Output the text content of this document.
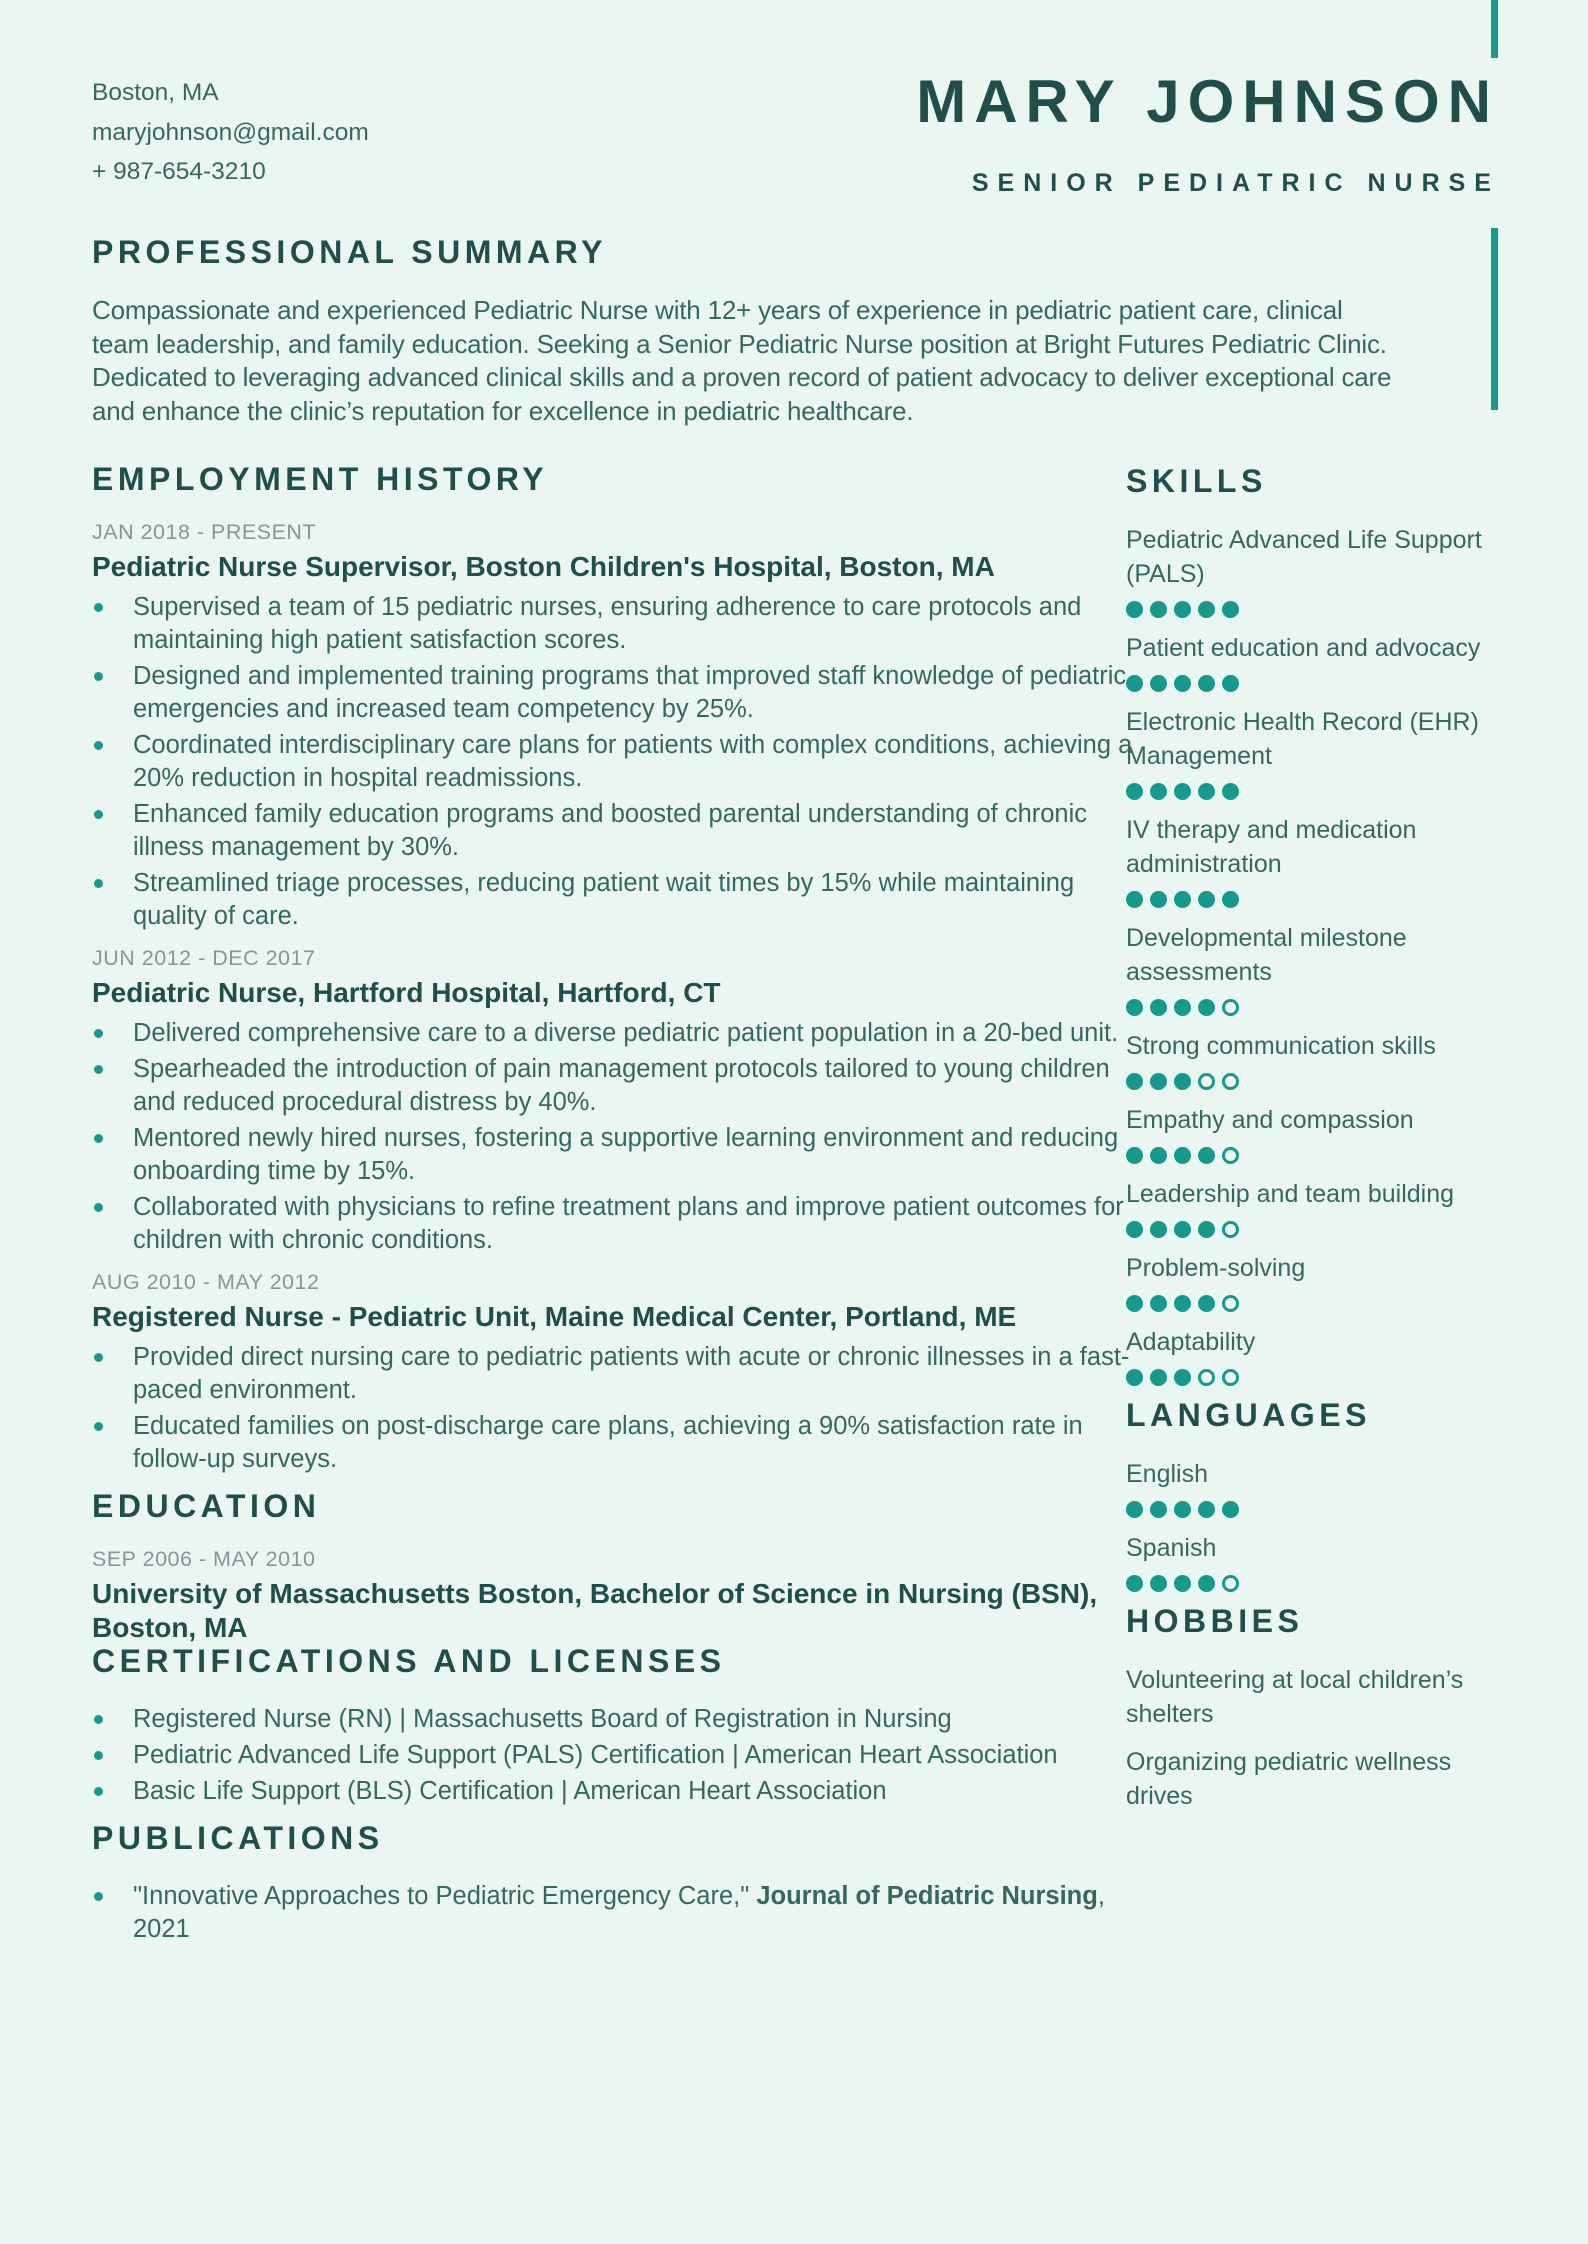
Boston, MA
maryjohnson@gmail.com
+ 987-654-3210
MARY JOHNSON
SENIOR PEDIATRIC NURSE
PROFESSIONAL SUMMARY

Compassionate and experienced Pediatric Nurse with 12+ years of experience in pediatric patient care, clinical team leadership, and family education. Seeking a Senior Pediatric Nurse position at Bright Futures Pediatric Clinic. Dedicated to leveraging advanced clinical skills and a proven record of patient advocacy to deliver exceptional care and enhance the clinic’s reputation for excellence in pediatric healthcare.

EMPLOYMENT HISTORY
JAN 2018 - PRESENT
Pediatric Nurse Supervisor, Boston Children's Hospital, Boston, MA
Supervised a team of 15 pediatric nurses, ensuring adherence to care protocols and maintaining high patient satisfaction scores.
Designed and implemented training programs that improved staff knowledge of pediatric emergencies and increased team competency by 25%.
Coordinated interdisciplinary care plans for patients with complex conditions, achieving a 20% reduction in hospital readmissions.
Enhanced family education programs and boosted parental understanding of chronic illness management by 30%.
Streamlined triage processes, reducing patient wait times by 15% while maintaining quality of care.
JUN 2012 - DEC 2017
Pediatric Nurse, Hartford Hospital, Hartford, CT
Delivered comprehensive care to a diverse pediatric patient population in a 20-bed unit.
Spearheaded the introduction of pain management protocols tailored to young children and reduced procedural distress by 40%.
Mentored newly hired nurses, fostering a supportive learning environment and reducing onboarding time by 15%.
Collaborated with physicians to refine treatment plans and improve patient outcomes for children with chronic conditions.
AUG 2010 - MAY 2012
Registered Nurse - Pediatric Unit, Maine Medical Center, Portland, ME
Provided direct nursing care to pediatric patients with acute or chronic illnesses in a fast-paced environment.
Educated families on post-discharge care plans, achieving a 90% satisfaction rate in follow-up surveys.
EDUCATION
SEP 2006 - MAY 2010
University of Massachusetts Boston, Bachelor of Science in Nursing (BSN), Boston, MA
CERTIFICATIONS AND LICENSES
Registered Nurse (RN) | Massachusetts Board of Registration in Nursing
Pediatric Advanced Life Support (PALS) Certification | American Heart Association
Basic Life Support (BLS) Certification | American Heart Association
PUBLICATIONS
"Innovative Approaches to Pediatric Emergency Care," Journal of Pediatric Nursing, 2021
SKILLS
Pediatric Advanced Life Support (PALS)
Patient education and advocacy
Electronic Health Record (EHR) Management
IV therapy and medication administration
Developmental milestone assessments
Strong communication skills
Empathy and compassion
Leadership and team building
Problem-solving
Adaptability
LANGUAGES
English
Spanish
HOBBIES

Volunteering at local children’s shelters

Organizing pediatric wellness drives
